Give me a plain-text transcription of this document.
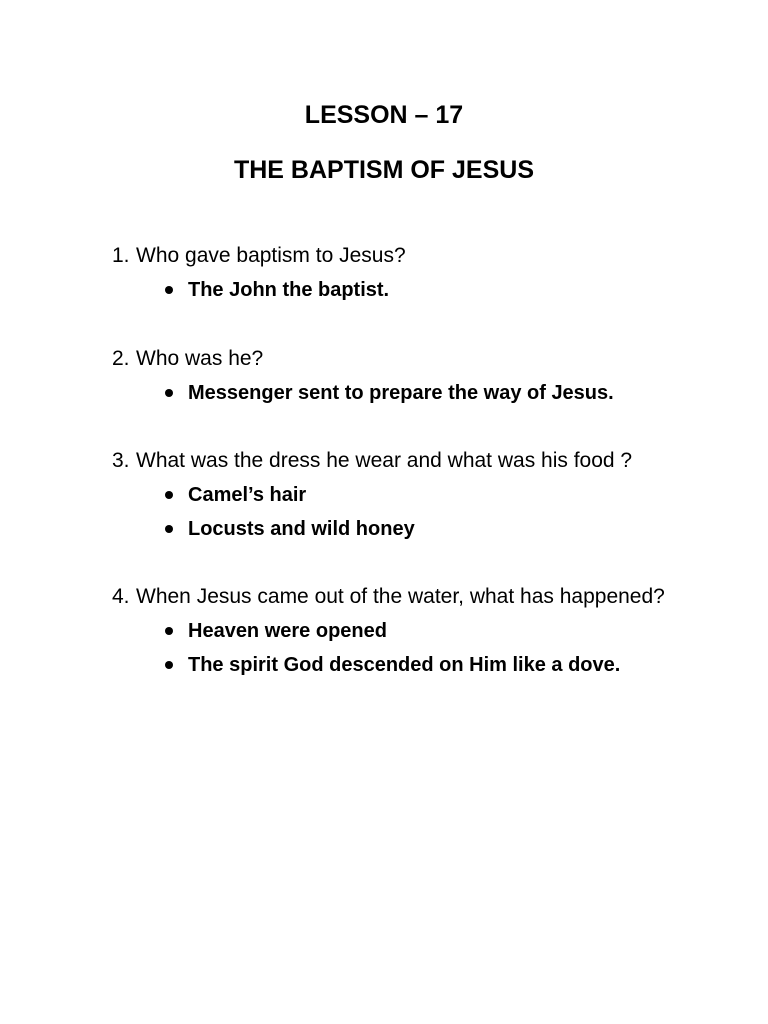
LESSON – 17
THE BAPTISM OF JESUS
1. Who gave baptism to Jesus?
The John the baptist.
2. Who was he?
Messenger sent to prepare the way of Jesus.
3. What was the dress he wear and what was his food ?
Camel’s hair
Locusts and wild honey
4. When Jesus came out of the water, what has happened?
Heaven were opened
The spirit God descended on Him like a dove.
